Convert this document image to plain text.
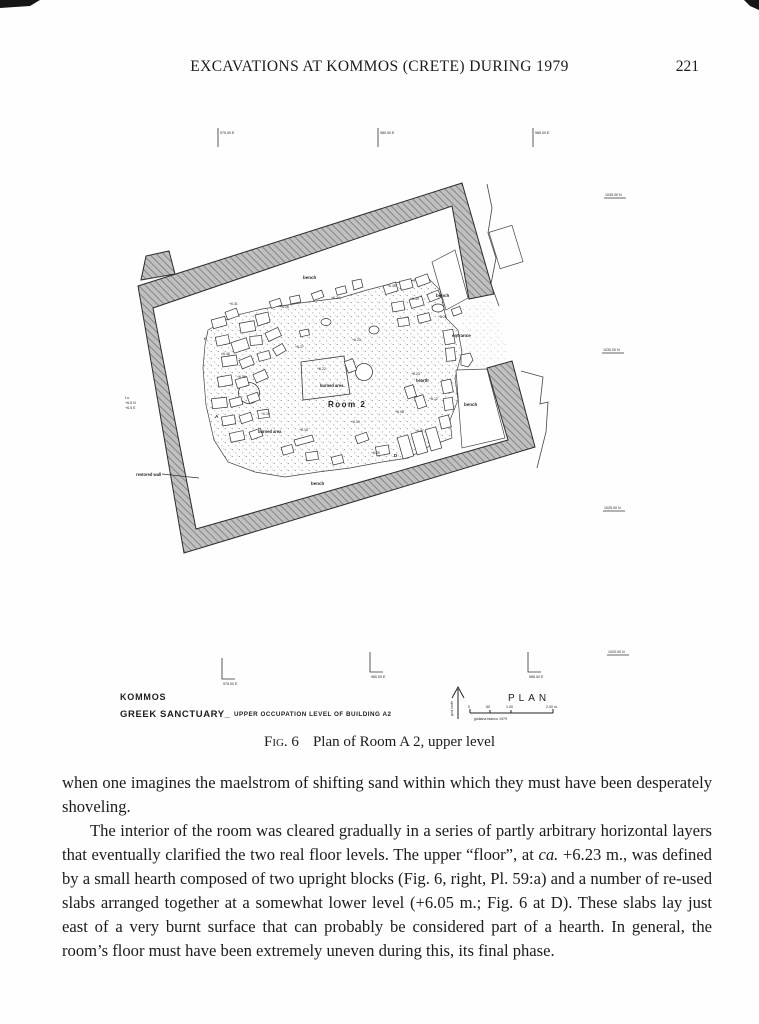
EXCAVATIONS AT KOMMOS (CRETE) DURING 1979	221
975.00 E	980.00 E	985.00 E
1035.00 N
1030.00 N
1025.00 N
1020.00 N
975.00 E
980.00 E	985.00 E
Room 2
bench
bench
bench
bench
entrance
burned area
burned area
hearth
+6.23
c
A
D
restored wall
t.o.
+6.5 N
+6.5 E
+6.31
+6.28
+6.24
+6.35
+6.30
+6.26
+6.40
+6.36
+6.27
+6.22
+6.19
+6.15
+6.10
+6.08
+6.12
+6.05
+6.07
+6.23
KOMMOS
GREEK SANCTUARY_ UPPER OCCUPATION LEVEL OF BUILDING A2
PLAN
grid north	0	.50	1.00	2.00 m.
giuliana bianco 1979
Fig. 6 Plan of Room A 2, upper level

when one imagines the maelstrom of shifting sand within which they must have been desperately shoveling.

The interior of the room was cleared gradually in a series of partly arbitrary horizontal layers that eventually clarified the two real floor levels. The upper “floor”, at ca. +6.23 m., was defined by a small hearth composed of two upright blocks (Fig. 6, right, Pl. 59:a) and a number of re-used slabs arranged together at a somewhat lower level (+6.05 m.; Fig. 6 at D). These slabs lay just east of a very burnt surface that can probably be considered part of a hearth. In general, the room’s floor must have been extremely uneven during this, its final phase.
